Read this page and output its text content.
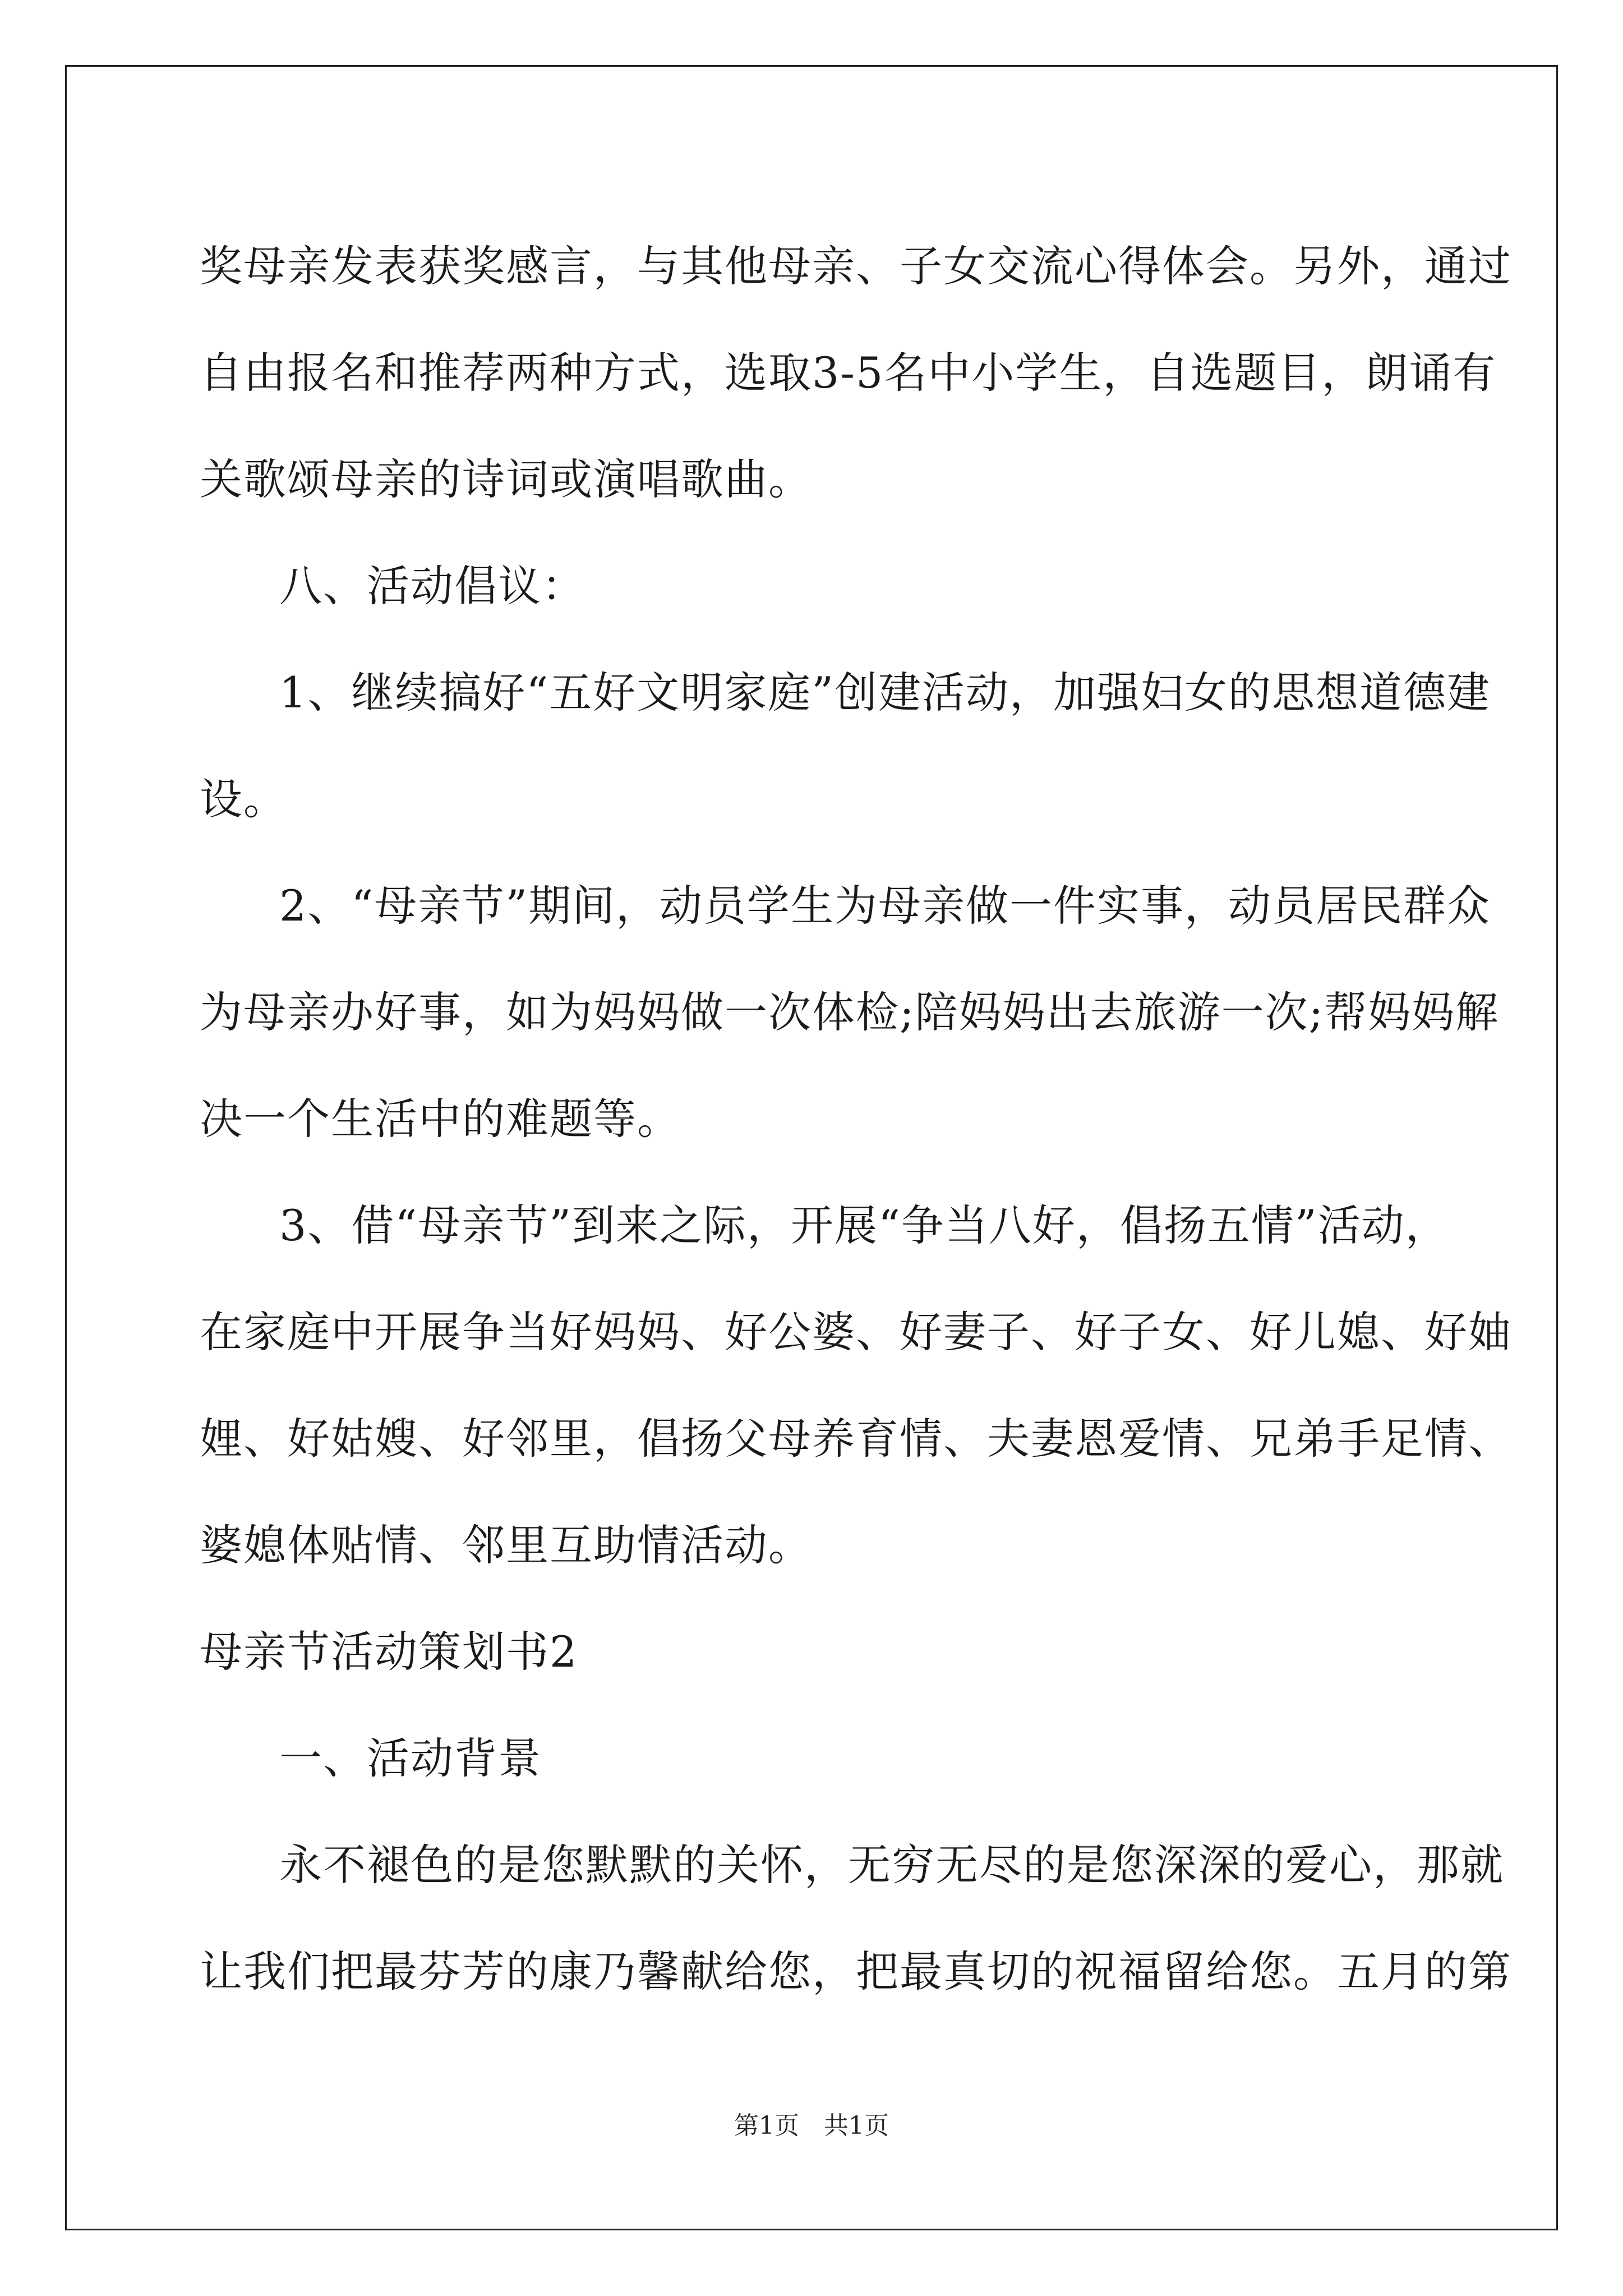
奖母亲发表获奖感言，与其他母亲、子女交流心得体会。另外，通过
自由报名和推荐两种方式，选取3-5名中小学生，自选题目，朗诵有
关歌颂母亲的诗词或演唱歌曲。
八、活动倡议：
1、继续搞好“五好文明家庭”创建活动，加强妇女的思想道德建
设。
2、“母亲节”期间，动员学生为母亲做一件实事，动员居民群众
为母亲办好事，如为妈妈做一次体检;陪妈妈出去旅游一次;帮妈妈解
决一个生活中的难题等。
3、借“母亲节”到来之际，开展“争当八好，倡扬五情”活动，
在家庭中开展争当好妈妈、好公婆、好妻子、好子女、好儿媳、好妯
娌、好姑嫂、好邻里，倡扬父母养育情、夫妻恩爱情、兄弟手足情、
婆媳体贴情、邻里互助情活动。
母亲节活动策划书2
一、活动背景
永不褪色的是您默默的关怀，无穷无尽的是您深深的爱心，那就
让我们把最芬芳的康乃馨献给您，把最真切的祝福留给您。五月的第
第1页　共1页
